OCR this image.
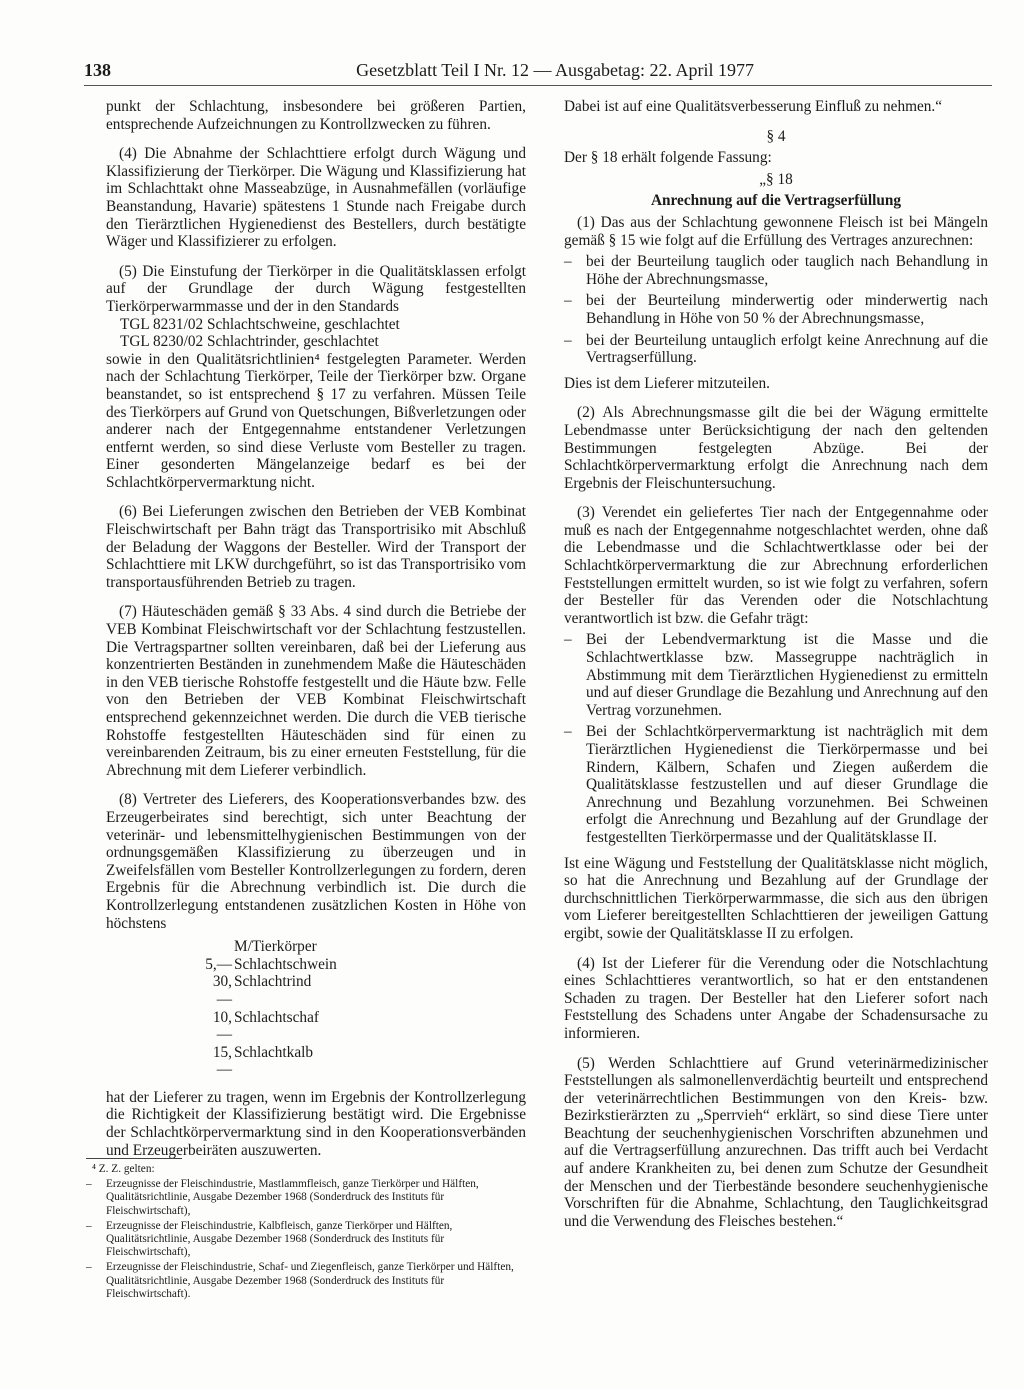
138	Gesetzblatt Teil I Nr. 12 — Ausgabetag: 22. April 1977

punkt der Schlachtung, insbesondere bei größeren Partien, entsprechende Aufzeichnungen zu Kontrollzwecken zu führen.

(4) Die Abnahme der Schlachttiere erfolgt durch Wägung und Klassifizierung der Tierkörper. Die Wägung und Klassifizierung hat im Schlachttakt ohne Masseabzüge, in Ausnahmefällen (vorläufige Beanstandung, Havarie) spätestens 1 Stunde nach Freigabe durch den Tierärztlichen Hygienedienst des Bestellers, durch bestätigte Wäger und Klassifizierer zu erfolgen.

(5) Die Einstufung der Tierkörper in die Qualitätsklassen erfolgt auf der Grundlage der durch Wägung festgestellten Tierkörperwarmmasse und der in den Standards

TGL 8231/02 Schlachtschweine, geschlachtet
TGL 8230/02 Schlachtrinder, geschlachtet

sowie in den Qualitätsrichtlinien⁴ festgelegten Parameter. Werden nach der Schlachtung Tierkörper, Teile der Tierkörper bzw. Organe beanstandet, so ist entsprechend § 17 zu verfahren. Müssen Teile des Tierkörpers auf Grund von Quetschungen, Bißverletzungen oder anderer nach der Entgegennahme entstandener Verletzungen entfernt werden, so sind diese Verluste vom Besteller zu tragen. Einer gesonderten Mängelanzeige bedarf es bei der Schlachtkörpervermarktung nicht.

(6) Bei Lieferungen zwischen den Betrieben der VEB Kombinat Fleischwirtschaft per Bahn trägt das Transportrisiko mit Abschluß der Beladung der Waggons der Besteller. Wird der Transport der Schlachttiere mit LKW durchgeführt, so ist das Transportrisiko vom transportausführenden Betrieb zu tragen.

(7) Häuteschäden gemäß § 33 Abs. 4 sind durch die Betriebe der VEB Kombinat Fleischwirtschaft vor der Schlachtung festzustellen. Die Vertragspartner sollten vereinbaren, daß bei der Lieferung aus konzentrierten Beständen in zunehmendem Maße die Häuteschäden in den VEB tierische Rohstoffe festgestellt und die Häute bzw. Felle von den Betrieben der VEB Kombinat Fleischwirtschaft entsprechend gekennzeichnet werden. Die durch die VEB tierische Rohstoffe festgestellten Häuteschäden sind für einen zu vereinbarenden Zeitraum, bis zu einer erneuten Feststellung, für die Abrechnung mit dem Lieferer verbindlich.

(8) Vertreter des Lieferers, des Kooperationsverbandes bzw. des Erzeugerbeirates sind berechtigt, sich unter Beachtung der veterinär- und lebensmittelhygienischen Bestimmungen von der ordnungsgemäßen Klassifizierung zu überzeugen und in Zweifelsfällen vom Besteller Kontrollzerlegungen zu fordern, deren Ergebnis für die Abrechnung verbindlich ist. Die durch die Kontrollzerlegung entstandenen zusätzlichen Kosten in Höhe von höchstens

M/Tierkörper
5,— Schlachtschwein
30,—
Schlachtrind
10,—
Schlachtschaf
15,—
Schlachtkalb

hat der Lieferer zu tragen, wenn im Ergebnis der Kontrollzerlegung die Richtigkeit der Klassifizierung bestätigt wird. Die Ergebnisse der Schlachtkörpervermarktung sind in den Kooperationsverbänden und Erzeugerbeiräten auszuwerten.

⁴ Z. Z. gelten:
– Erzeugnisse der Fleischindustrie, Mastlammfleisch, ganze Tierkörper und Hälften, Qualitätsrichtlinie, Ausgabe Dezember 1968 (Sonderdruck des Instituts für Fleischwirtschaft),
– Erzeugnisse der Fleischindustrie, Kalbfleisch, ganze Tierkörper und Hälften, Qualitätsrichtlinie, Ausgabe Dezember 1968 (Sonderdruck des Instituts für Fleischwirtschaft),
– Erzeugnisse der Fleischindustrie, Schaf- und Ziegenfleisch, ganze Tierkörper und Hälften, Qualitätsrichtlinie, Ausgabe Dezember 1968 (Sonderdruck des Instituts für Fleischwirtschaft).

Dabei ist auf eine Qualitätsverbesserung Einfluß zu nehmen.“

§ 4

Der § 18 erhält folgende Fassung:

„§ 18

Anrechnung auf die Vertragserfüllung

(1) Das aus der Schlachtung gewonnene Fleisch ist bei Mängeln gemäß § 15 wie folgt auf die Erfüllung des Vertrages anzurechnen:

– bei der Beurteilung tauglich oder tauglich nach Behandlung in Höhe der Abrechnungsmasse,
– bei der Beurteilung minderwertig oder minderwertig nach Behandlung in Höhe von 50 % der Abrechnungsmasse,
– bei der Beurteilung untauglich erfolgt keine Anrechnung auf die Vertragserfüllung.

Dies ist dem Lieferer mitzuteilen.

(2) Als Abrechnungsmasse gilt die bei der Wägung ermittelte Lebendmasse unter Berücksichtigung der nach den geltenden Bestimmungen festgelegten Abzüge. Bei der Schlachtkörpervermarktung erfolgt die Anrechnung nach dem Ergebnis der Fleischuntersuchung.

(3) Verendet ein geliefertes Tier nach der Entgegennahme oder muß es nach der Entgegennahme notgeschlachtet werden, ohne daß die Lebendmasse und die Schlachtwertklasse oder bei der Schlachtkörpervermarktung die zur Abrechnung erforderlichen Feststellungen ermittelt wurden, so ist wie folgt zu verfahren, sofern der Besteller für das Verenden oder die Notschlachtung verantwortlich ist bzw. die Gefahr trägt:

– Bei der Lebendvermarktung ist die Masse und die Schlachtwertklasse bzw. Massegruppe nachträglich in Abstimmung mit dem Tierärztlichen Hygienedienst zu ermitteln und auf dieser Grundlage die Bezahlung und Anrechnung auf den Vertrag vorzunehmen.
– Bei der Schlachtkörpervermarktung ist nachträglich mit dem Tierärztlichen Hygienedienst die Tierkörpermasse und bei Rindern, Kälbern, Schafen und Ziegen außerdem die Qualitätsklasse festzustellen und auf dieser Grundlage die Anrechnung und Bezahlung vorzunehmen. Bei Schweinen erfolgt die Anrechnung und Bezahlung auf der Grundlage der festgestellten Tierkörpermasse und der Qualitätsklasse II.

Ist eine Wägung und Feststellung der Qualitätsklasse nicht möglich, so hat die Anrechnung und Bezahlung auf der Grundlage der durchschnittlichen Tierkörperwarmmasse, die sich aus den übrigen vom Lieferer bereitgestellten Schlachttieren der jeweiligen Gattung ergibt, sowie der Qualitätsklasse II zu erfolgen.

(4) Ist der Lieferer für die Verendung oder die Notschlachtung eines Schlachttieres verantwortlich, so hat er den entstandenen Schaden zu tragen. Der Besteller hat den Lieferer sofort nach Feststellung des Schadens unter Angabe der Schadensursache zu informieren.

(5) Werden Schlachttiere auf Grund veterinärmedizinischer Feststellungen als salmonellenverdächtig beurteilt und entsprechend der veterinärrechtlichen Bestimmungen von den Kreis- bzw. Bezirkstierärzten zu „Sperrvieh“ erklärt, so sind diese Tiere unter Beachtung der seuchenhygienischen Vorschriften abzunehmen und auf die Vertragserfüllung anzurechnen. Das trifft auch bei Verdacht auf andere Krankheiten zu, bei denen zum Schutze der Gesundheit der Menschen und der Tierbestände besondere seuchenhygienische Vorschriften für die Abnahme, Schlachtung, den Tauglichkeitsgrad und die Verwendung des Fleisches bestehen.“
